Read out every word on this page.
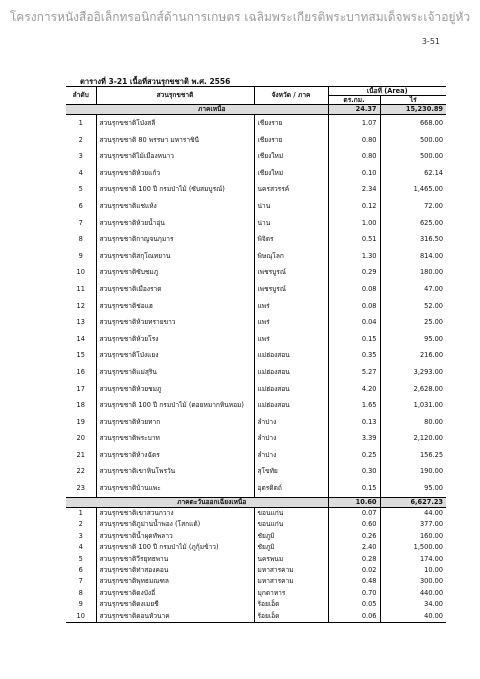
โครงการหนังสืออิเล็กทรอนิกส์ด้านการเกษตร เฉลิมพระเกียรติพระบาทสมเด็จพระเจ้าอยู่หัว
3-51
ตารางที่ 3-21 เนื้อที่สวนรุกขชาติ พ.ศ. 2556
ลำดับ	สวนรุกขชาติ	จังหวัด / ภาค	เนื้อที่ (Area)	
			ตร.กม.	ไร่
	ภาคเหนือ		24.37	15,230.89
1	สวนรุกขชาติโป่งสลี	เชียงราย	1.07	668.00
2	สวนรุกขชาติ 80 พรรษา มหาราชินี	เชียงราย	0.80	500.00
3	สวนรุกขชาติไม้เมืองหนาว	เชียงใหม่	0.80	500.00
4	สวนรุกขชาติห้วยแก้ว	เชียงใหม่	0.10	62.14
5	สวนรุกขชาติ 100 ปี กรมป่าไม้ (ซับสมบูรณ์)	นครสวรรค์	2.34	1,465.00
6	สวนรุกขชาติแช่แห้ง	น่าน	0.12	72.00
7	สวนรุกขชาติห้วยน้ำอุ่น	น่าน	1.00	625.00
8	สวนรุกขชาติกาญจนกุมาร	พิจิตร	0.51	316.50
9	สวนรุกขชาติสกุโณทยาน	พิษณุโลก	1.30	814.00
10	สวนรุกขชาติซับชมภู	เพชรบูรณ์	0.29	180.00
11	สวนรุกขชาติเมืองราด	เพชรบูรณ์	0.08	47.00
12	สวนรุกขชาติช่อแฮ	แพร่	0.08	52.00
13	สวนรุกขชาติห้วยทรายขาว	แพร่	0.04	25.00
14	สวนรุกขชาติห้วยโรง	แพร่	0.15	95.00
15	สวนรุกขชาติโป่งแยง	แม่ฮ่องสอน	0.35	216.00
16	สวนรุกขชาติแม่สุริน	แม่ฮ่องสอน	5.27	3,293.00
17	สวนรุกขชาติห้วยชมภู	แม่ฮ่องสอน	4.20	2,628.00
18	สวนรุกขชาติ 100 ปี กรมป่าไม้ (ดอยหมากหินหอม)	แม่ฮ่องสอน	1.65	1,031.00
19	สวนรุกขชาติห้วยทาก	ลำปาง	0.13	80.00
20	สวนรุกขชาติพระบาท	ลำปาง	3.39	2,120.00
21	สวนรุกขชาติห้างฉัตร	ลำปาง	0.25	156.25
22	สวนรุกขชาติเขาหินโพรวัน	สุโขทัย	0.30	190.00
23	สวนรุกขชาติบ้านแพะ	อุตรดิตถ์	0.15	95.00
	ภาคตะวันออกเฉียงเหนือ		10.60	6,627.23
1	สวนรุกขชาติเขาสวนกวาง	ขอนแก่น	0.07	44.00
2	สวนรุกขชาติภูม่านน้ำพอง (โสกแต้)	ขอนแก่น	0.60	377.00
3	สวนรุกขชาติน้ำผุดทัพลาว	ชัยภูมิ	0.26	160.00
4	สวนรุกขชาติ 100 ปี กรมป่าไม้ (ภูกุ้มข้าว)	ชัยภูมิ	2.40	1,500.00
5	สวนรุกขชาติวีรยุทธพาน	นครพนม	0.28	174.00
6	สวนรุกขชาติท่าสองคอน	มหาสารคาม	0.02	10.00
7	สวนรุกขชาติพุทธมณฑล	มหาสารคาม	0.48	300.00
8	สวนรุกขชาติดงบังอี่	มุกดาหาร	0.70	440.00
9	สวนรุกขชาติดงเมยชี	ร้อยเอ็ด	0.05	34.00
10	สวนรุกขชาติดอนหัวนาค	ร้อยเอ็ด	0.06	40.00
